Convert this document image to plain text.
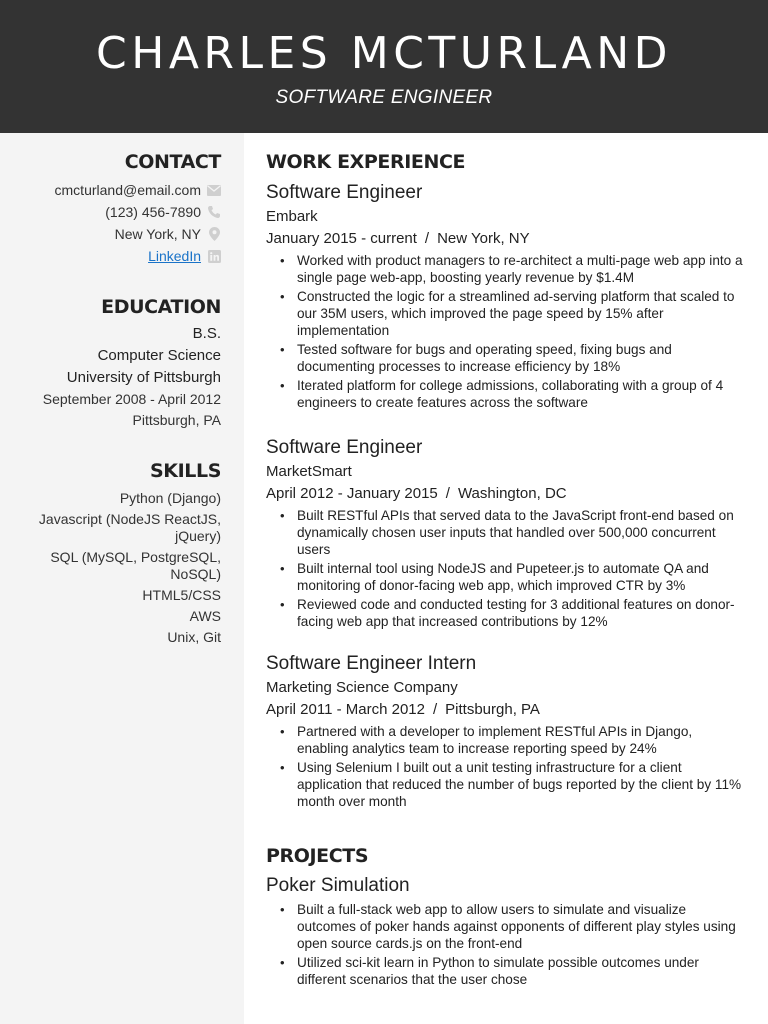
CHARLES MCTURLAND
SOFTWARE ENGINEER
CONTACT
cmcturland@email.com
(123) 456-7890
New York, NY
LinkedIn
EDUCATION
B.S.
Computer Science
University of Pittsburgh
September 2008 - April 2012
Pittsburgh, PA
SKILLS
Python (Django)
Javascript (NodeJS ReactJS, jQuery)
SQL (MySQL, PostgreSQL, NoSQL)
HTML5/CSS
AWS
Unix, Git
WORK EXPERIENCE
Software Engineer
Embark
January 2015 - current / New York, NY
• Worked with product managers to re-architect a multi-page web app into a single page web-app, boosting yearly revenue by $1.4M
• Constructed the logic for a streamlined ad-serving platform that scaled to our 35M users, which improved the page speed by 15% after implementation
• Tested software for bugs and operating speed, fixing bugs and documenting processes to increase efficiency by 18%
• Iterated platform for college admissions, collaborating with a group of 4 engineers to create features across the software
Software Engineer
MarketSmart
April 2012 - January 2015 / Washington, DC
• Built RESTful APIs that served data to the JavaScript front-end based on dynamically chosen user inputs that handled over 500,000 concurrent users
• Built internal tool using NodeJS and Pupeteer.js to automate QA and monitoring of donor-facing web app, which improved CTR by 3%
• Reviewed code and conducted testing for 3 additional features on donor-facing web app that increased contributions by 12%
Software Engineer Intern
Marketing Science Company
April 2011 - March 2012 / Pittsburgh, PA
• Partnered with a developer to implement RESTful APIs in Django, enabling analytics team to increase reporting speed by 24%
• Using Selenium I built out a unit testing infrastructure for a client application that reduced the number of bugs reported by the client by 11% month over month
PROJECTS
Poker Simulation
• Built a full-stack web app to allow users to simulate and visualize outcomes of poker hands against opponents of different play styles using open source cards.js on the front-end
• Utilized sci-kit learn in Python to simulate possible outcomes under different scenarios that the user chose
